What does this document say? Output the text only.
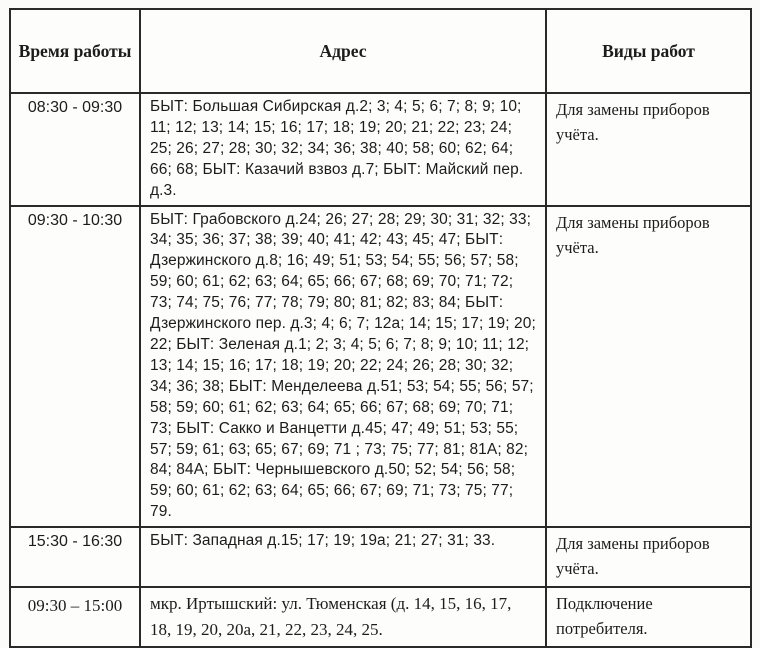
Время работы	Адрес	Виды работ
08:30 - 09:30	БЫТ: Большая Сибирская д.2; 3; 4; 5; 6; 7; 8; 9; 10; 11; 12; 13; 14; 15; 16; 17; 18; 19; 20; 21; 22; 23; 24; 25; 26; 27; 28; 30; 32; 34; 36; 38; 40; 58; 60; 62; 64; 66; 68; БЫТ: Казачий взвоз д.7; БЫТ: Майский пер. д.3.	Для замены приборов учёта.
09:30 - 10:30	БЫТ: Грабовского д.24; 26; 27; 28; 29; 30; 31; 32; 33; 34; 35; 36; 37; 38; 39; 40; 41; 42; 43; 45; 47; БЫТ: Дзержинского д.8; 16; 49; 51; 53; 54; 55; 56; 57; 58; 59; 60; 61; 62; 63; 64; 65; 66; 67; 68; 69; 70; 71; 72; 73; 74; 75; 76; 77; 78; 79; 80; 81; 82; 83; 84; БЫТ: Дзержинского пер. д.3; 4; 6; 7; 12а; 14; 15; 17; 19; 20; 22; БЫТ: Зеленая д.1; 2; 3; 4; 5; 6; 7; 8; 9; 10; 11; 12; 13; 14; 15; 16; 17; 18; 19; 20; 22; 24; 26; 28; 30; 32; 34; 36; 38; БЫТ: Менделеева д.51; 53; 54; 55; 56; 57; 58; 59; 60; 61; 62; 63; 64; 65; 66; 67; 68; 69; 70; 71; 73; БЫТ: Сакко и Ванцетти д.45; 47; 49; 51; 53; 55; 57; 59; 61; 63; 65; 67; 69; 71 ; 73; 75; 77; 81; 81А; 82; 84; 84А; БЫТ: Чернышевского д.50; 52; 54; 56; 58; 59; 60; 61; 62; 63; 64; 65; 66; 67; 69; 71; 73; 75; 77; 79.	Для замены приборов учёта.
15:30 - 16:30	БЫТ: Западная д.15; 17; 19; 19а; 21; 27; 31; 33.	Для замены приборов учёта.
09:30 – 15:00	мкр. Иртышский: ул. Тюменская (д. 14, 15, 16, 17, 18, 19, 20, 20а, 21, 22, 23, 24, 25.	Подключение потребителя.
